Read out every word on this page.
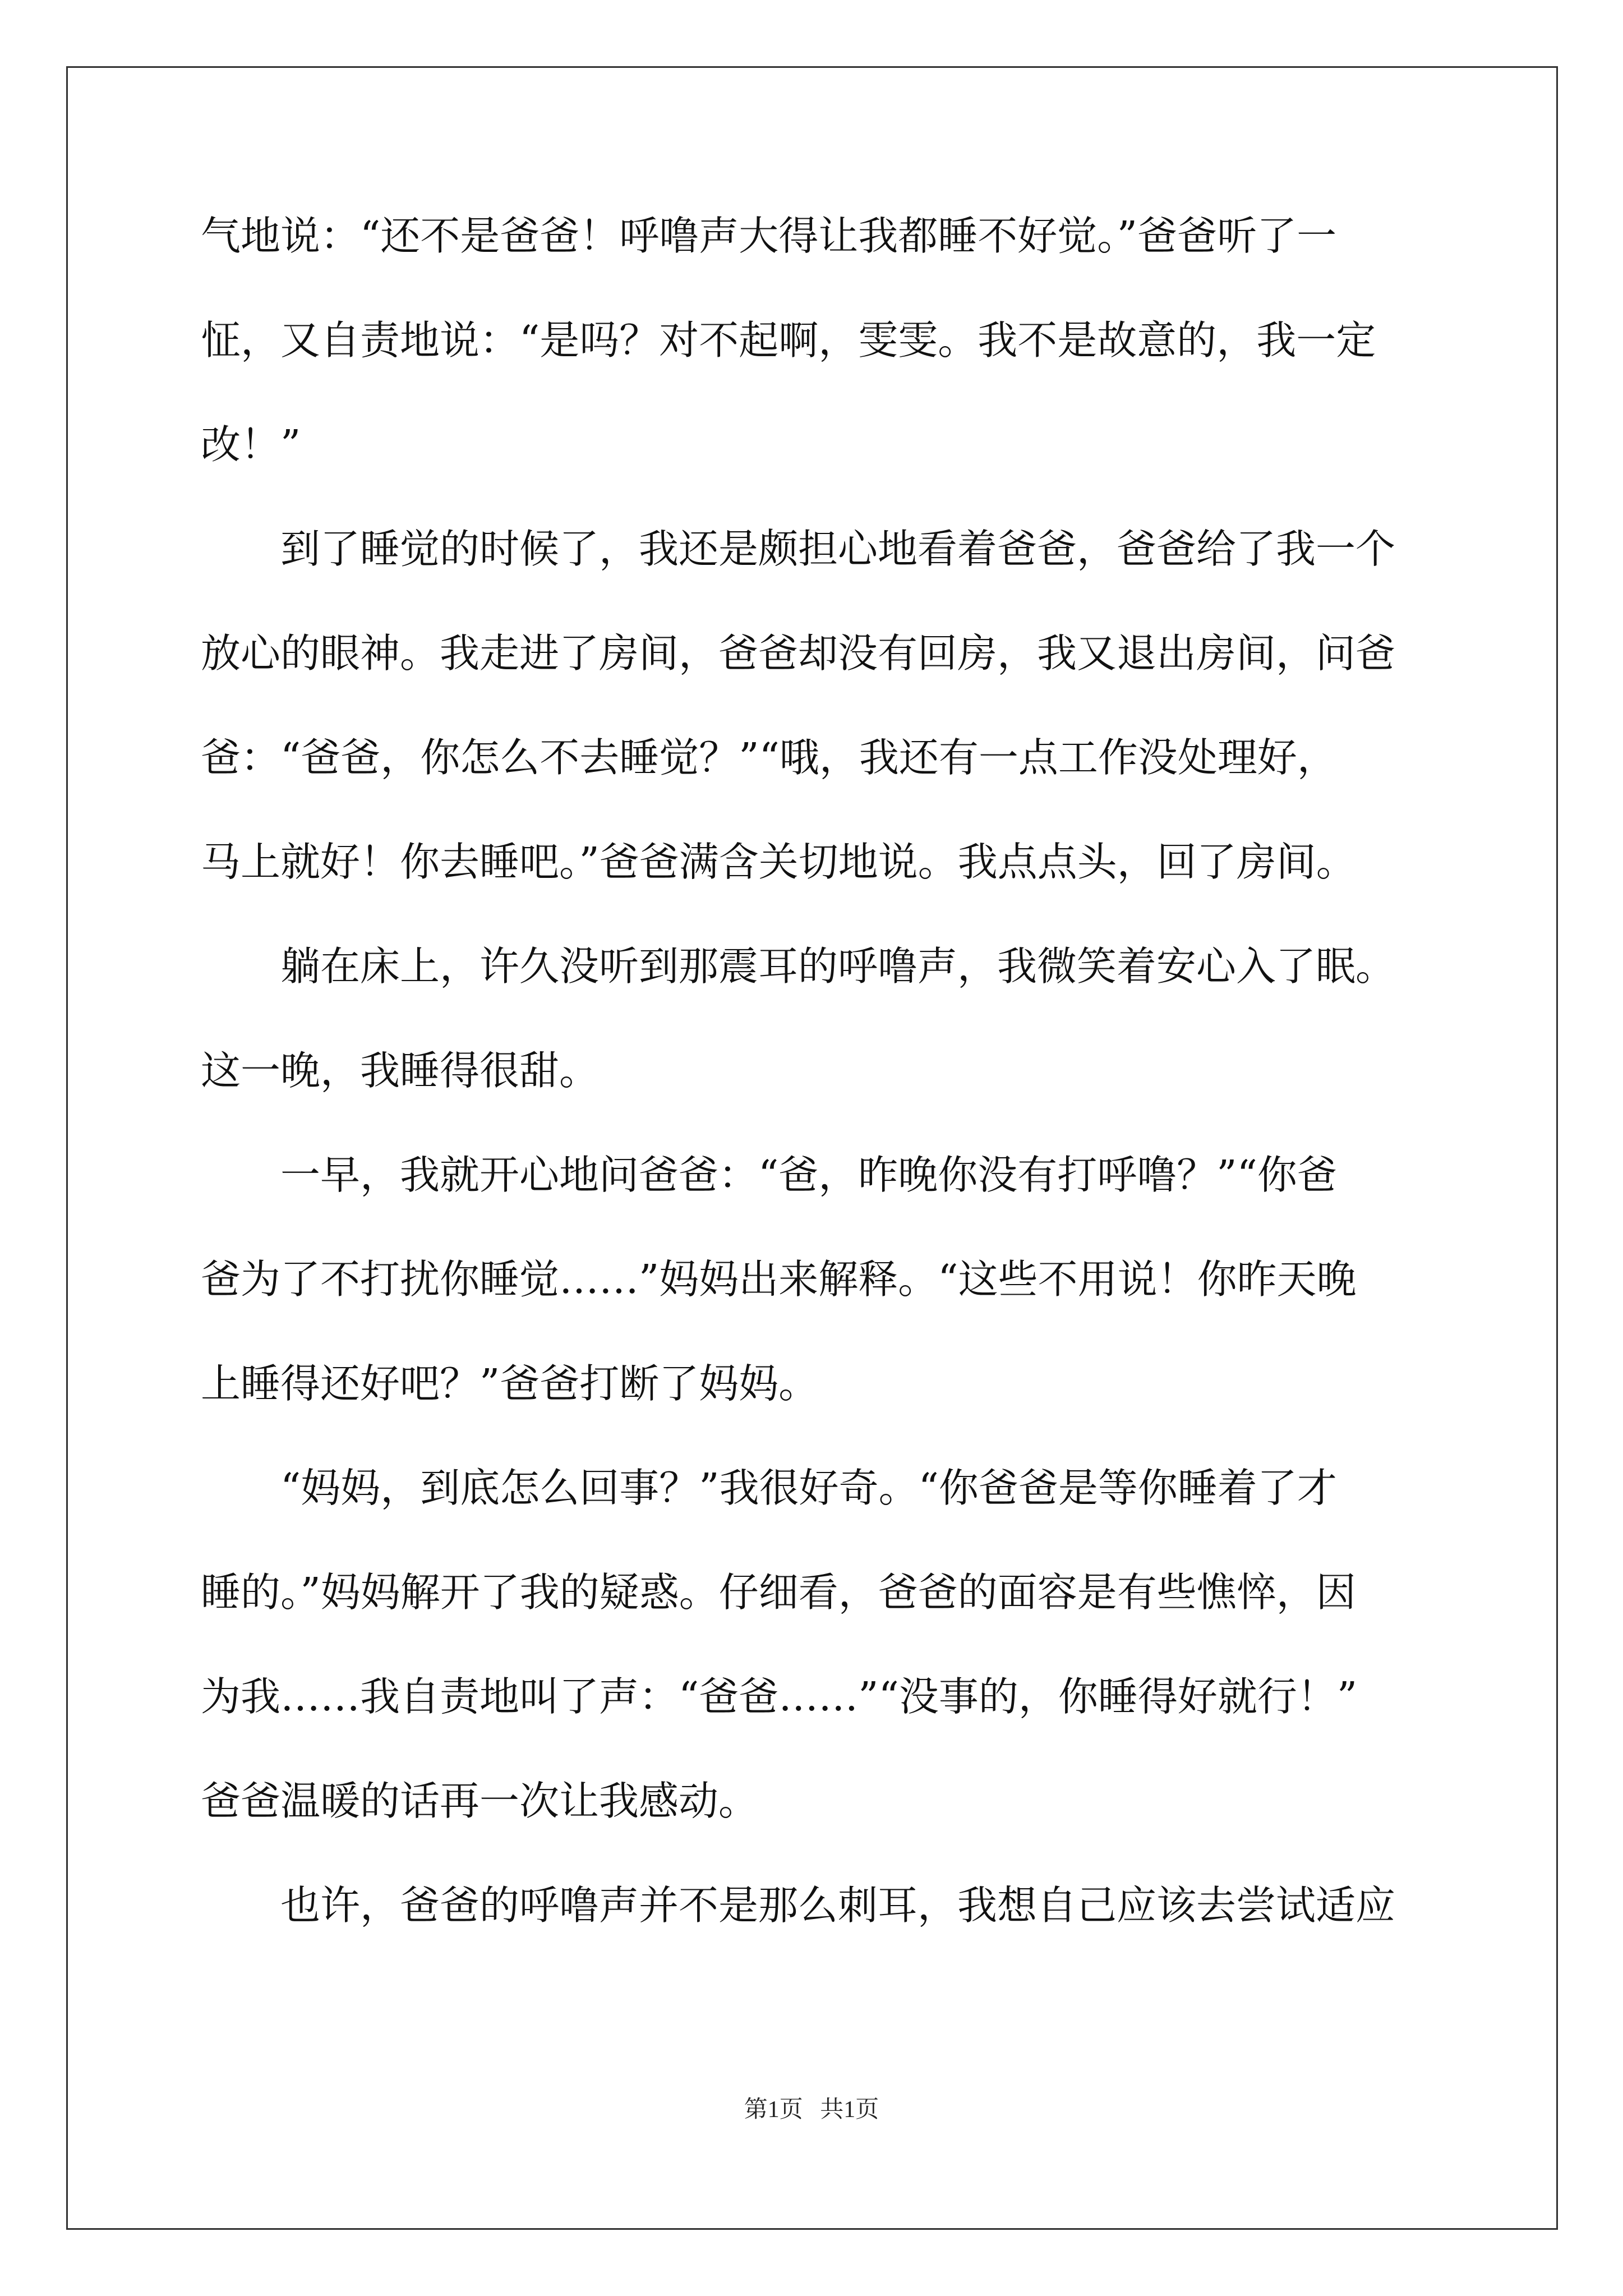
气地说：“还不是爸爸！呼噜声大得让我都睡不好觉。”爸爸听了一
怔，又自责地说：“是吗？对不起啊，雯雯。我不是故意的，我一定
改！”
　　到了睡觉的时候了，我还是颇担心地看着爸爸，爸爸给了我一个
放心的眼神。我走进了房间，爸爸却没有回房，我又退出房间，问爸
爸：“爸爸，你怎么不去睡觉？”“哦，我还有一点工作没处理好，
马上就好！你去睡吧。”爸爸满含关切地说。我点点头，回了房间。
　　躺在床上，许久没听到那震耳的呼噜声，我微笑着安心入了眠。
这一晚，我睡得很甜。
　　一早，我就开心地问爸爸：“爸，昨晚你没有打呼噜？”“你爸
爸为了不打扰你睡觉……”妈妈出来解释。“这些不用说！你昨天晚
上睡得还好吧？”爸爸打断了妈妈。
　　“妈妈，到底怎么回事？”我很好奇。“你爸爸是等你睡着了才
睡的。”妈妈解开了我的疑惑。仔细看，爸爸的面容是有些憔悴，因
为我……我自责地叫了声：“爸爸……”“没事的，你睡得好就行！”
爸爸温暖的话再一次让我感动。
　　也许，爸爸的呼噜声并不是那么刺耳，我想自己应该去尝试适应
第1页 共1页
